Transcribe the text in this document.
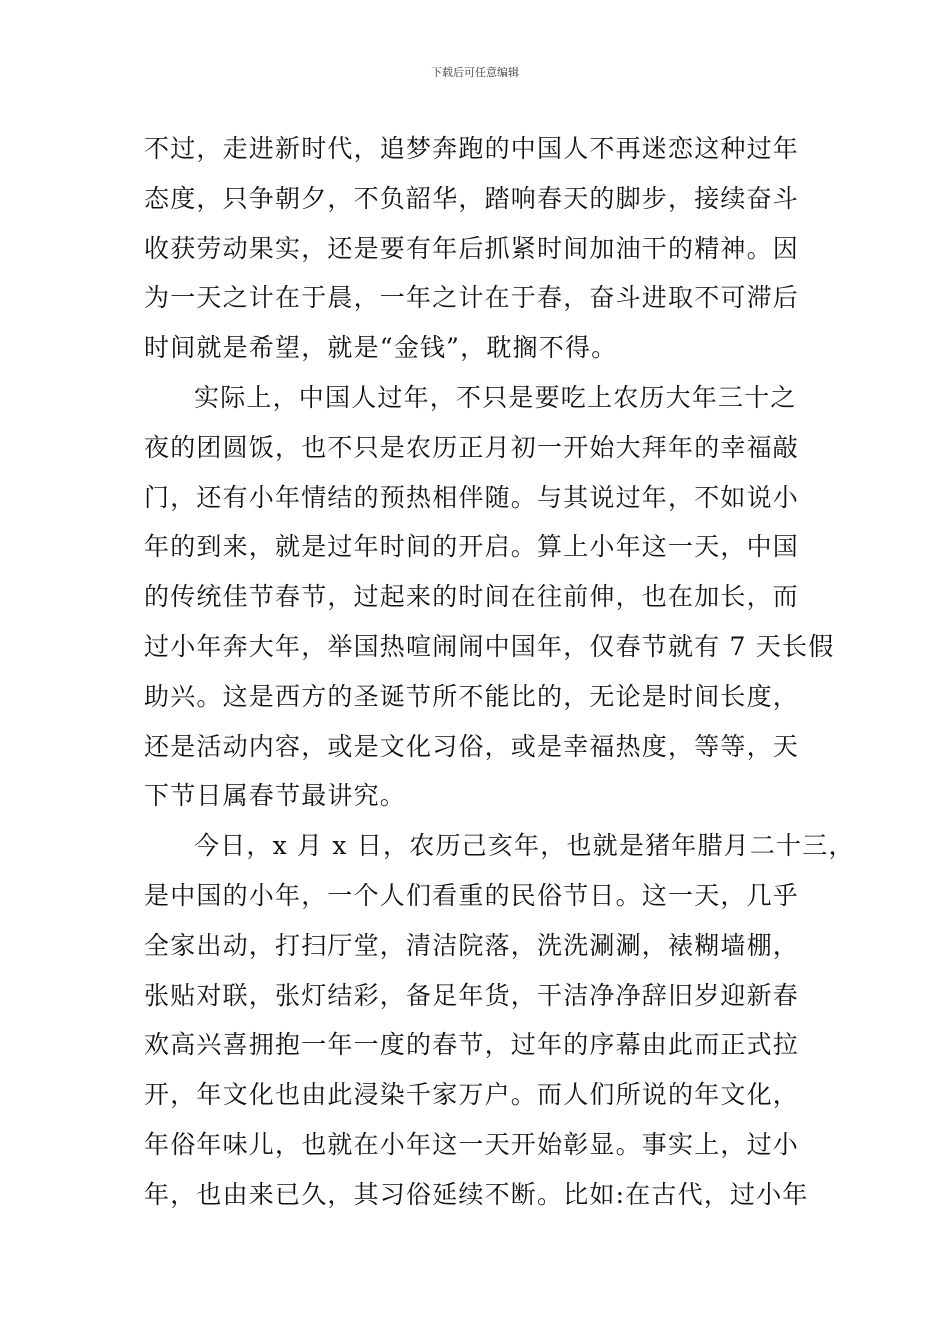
下载后可任意编辑
不过，走进新时代，追梦奔跑的中国人不再迷恋这种过年
态度，只争朝夕，不负韶华，踏响春天的脚步，接续奋斗
收获劳动果实，还是要有年后抓紧时间加油干的精神。因
为一天之计在于晨，一年之计在于春，奋斗进取不可滞后
时间就是希望，就是“金钱”，耽搁不得。
实际上，中国人过年，不只是要吃上农历大年三十之
夜的团圆饭，也不只是农历正月初一开始大拜年的幸福敲
门，还有小年情结的预热相伴随。与其说过年，不如说小
年的到来，就是过年时间的开启。算上小年这一天，中国
的传统佳节春节，过起来的时间在往前伸，也在加长，而
过小年奔大年，举国热喧闹闹中国年，仅春节就有 7 天长假
助兴。这是西方的圣诞节所不能比的，无论是时间长度，
还是活动内容，或是文化习俗，或是幸福热度，等等，天
下节日属春节最讲究。
今日，x 月 x 日，农历己亥年，也就是猪年腊月二十三，
是中国的小年，一个人们看重的民俗节日。这一天，几乎
全家出动，打扫厅堂，清洁院落，洗洗涮涮，裱糊墙棚，
张贴对联，张灯结彩，备足年货，干洁净净辞旧岁迎新春
欢高兴喜拥抱一年一度的春节，过年的序幕由此而正式拉
开，年文化也由此浸染千家万户。而人们所说的年文化，
年俗年味儿，也就在小年这一天开始彰显。事实上，过小
年，也由来已久，其习俗延续不断。比如:在古代，过小年
